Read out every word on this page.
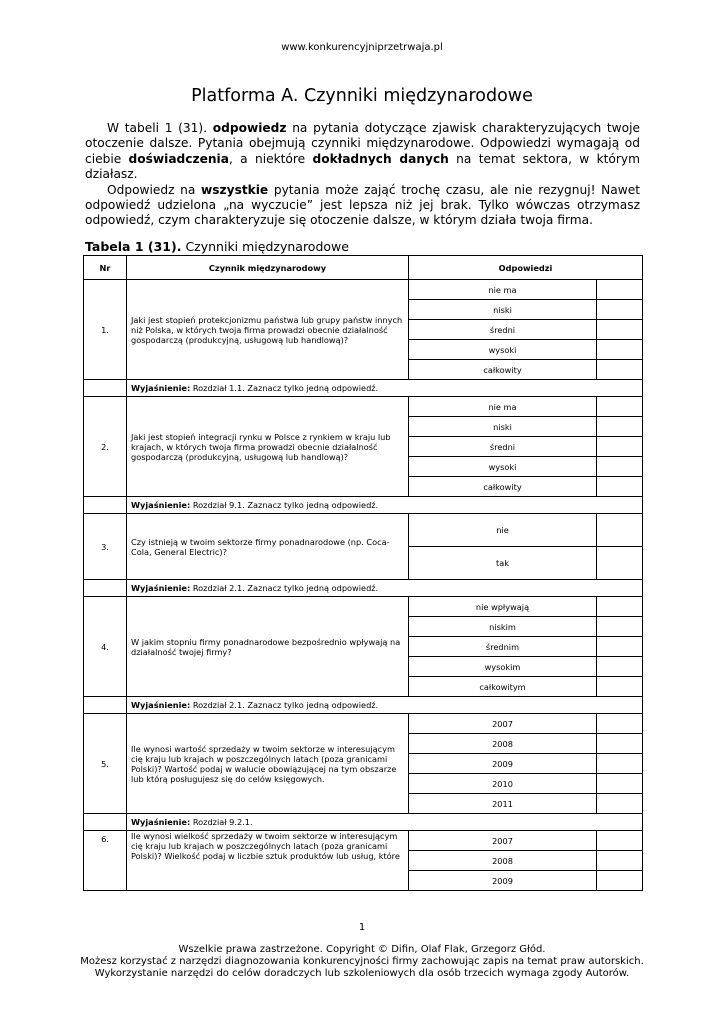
www.konkurencyjniprzetrwaja.pl
Platforma A. Czynniki międzynarodowe

W tabeli 1 (31). odpowiedz na pytania dotyczące zjawisk charakteryzujących twoje otoczenie dalsze. Pytania obejmują czynniki międzynarodowe. Odpowiedzi wymagają od ciebie doświadczenia, a niektóre dokładnych danych na temat sektora, w którym działasz.

Odpowiedz na wszystkie pytania może zająć trochę czasu, ale nie rezygnuj! Nawet odpowiedź udzielona „na wyczucie” jest lepsza niż jej brak. Tylko wówczas otrzymasz odpowiedź, czym charakteryzuje się otoczenie dalsze, w którym działa twoja firma.

Tabela 1 (31). Czynniki międzynarodowe
Nr	Czynnik międzynarodowy	Odpowiedzi	
1.	Jaki jest stopień protekcjonizmu państwa lub grupy państw innych niż Polska, w których twoja firma prowadzi obecnie działalność gospodarczą (produkcyjną, usługową lub handlową)?	nie ma	
		niski	
		średni	
		wysoki	
		całkowity	
	Wyjaśnienie: Rozdział 1.1. Zaznacz tylko jedną odpowiedź.		
2.	Jaki jest stopień integracji rynku w Polsce z rynkiem w kraju lub krajach, w których twoja firma prowadzi obecnie działalność gospodarczą (produkcyjną, usługową lub handlową)?	nie ma	
		niski	
		średni	
		wysoki	
		całkowity	
	Wyjaśnienie: Rozdział 9.1. Zaznacz tylko jedną odpowiedź.		
3.	Czy istnieją w twoim sektorze firmy ponadnarodowe (np. Coca-Cola, General Electric)?	nie	
		tak	
	Wyjaśnienie: Rozdział 2.1. Zaznacz tylko jedną odpowiedź.		
4.	W jakim stopniu firmy ponadnarodowe bezpośrednio wpływają na działalność twojej firmy?	nie wpływają	
		niskim	
		średnim	
		wysokim	
		całkowitym	
	Wyjaśnienie: Rozdział 2.1. Zaznacz tylko jedną odpowiedź.		
5.	Ile wynosi wartość sprzedaży w twoim sektorze w interesującym cię kraju lub krajach w poszczególnych latach (poza granicami Polski)? Wartość podaj w walucie obowiązującej na tym obszarze lub którą posługujesz się do celów księgowych.	2007	
		2008	
		2009	
		2010	
		2011	
	Wyjaśnienie: Rozdział 9.2.1.		
6.	Ile wynosi wielkość sprzedaży w twoim sektorze w interesującym cię kraju lub krajach w poszczególnych latach (poza granicami Polski)? Wielkość podaj w liczbie sztuk produktów lub usług, które	2007	
		2008	
		2009	
1
Wszelkie prawa zastrzeżone. Copyright © Difin, Olaf Flak, Grzegorz Głód.
Możesz korzystać z narzędzi diagnozowania konkurencyjności firmy zachowując zapis na temat praw autorskich.
Wykorzystanie narzędzi do celów doradczych lub szkoleniowych dla osób trzecich wymaga zgody Autorów.
